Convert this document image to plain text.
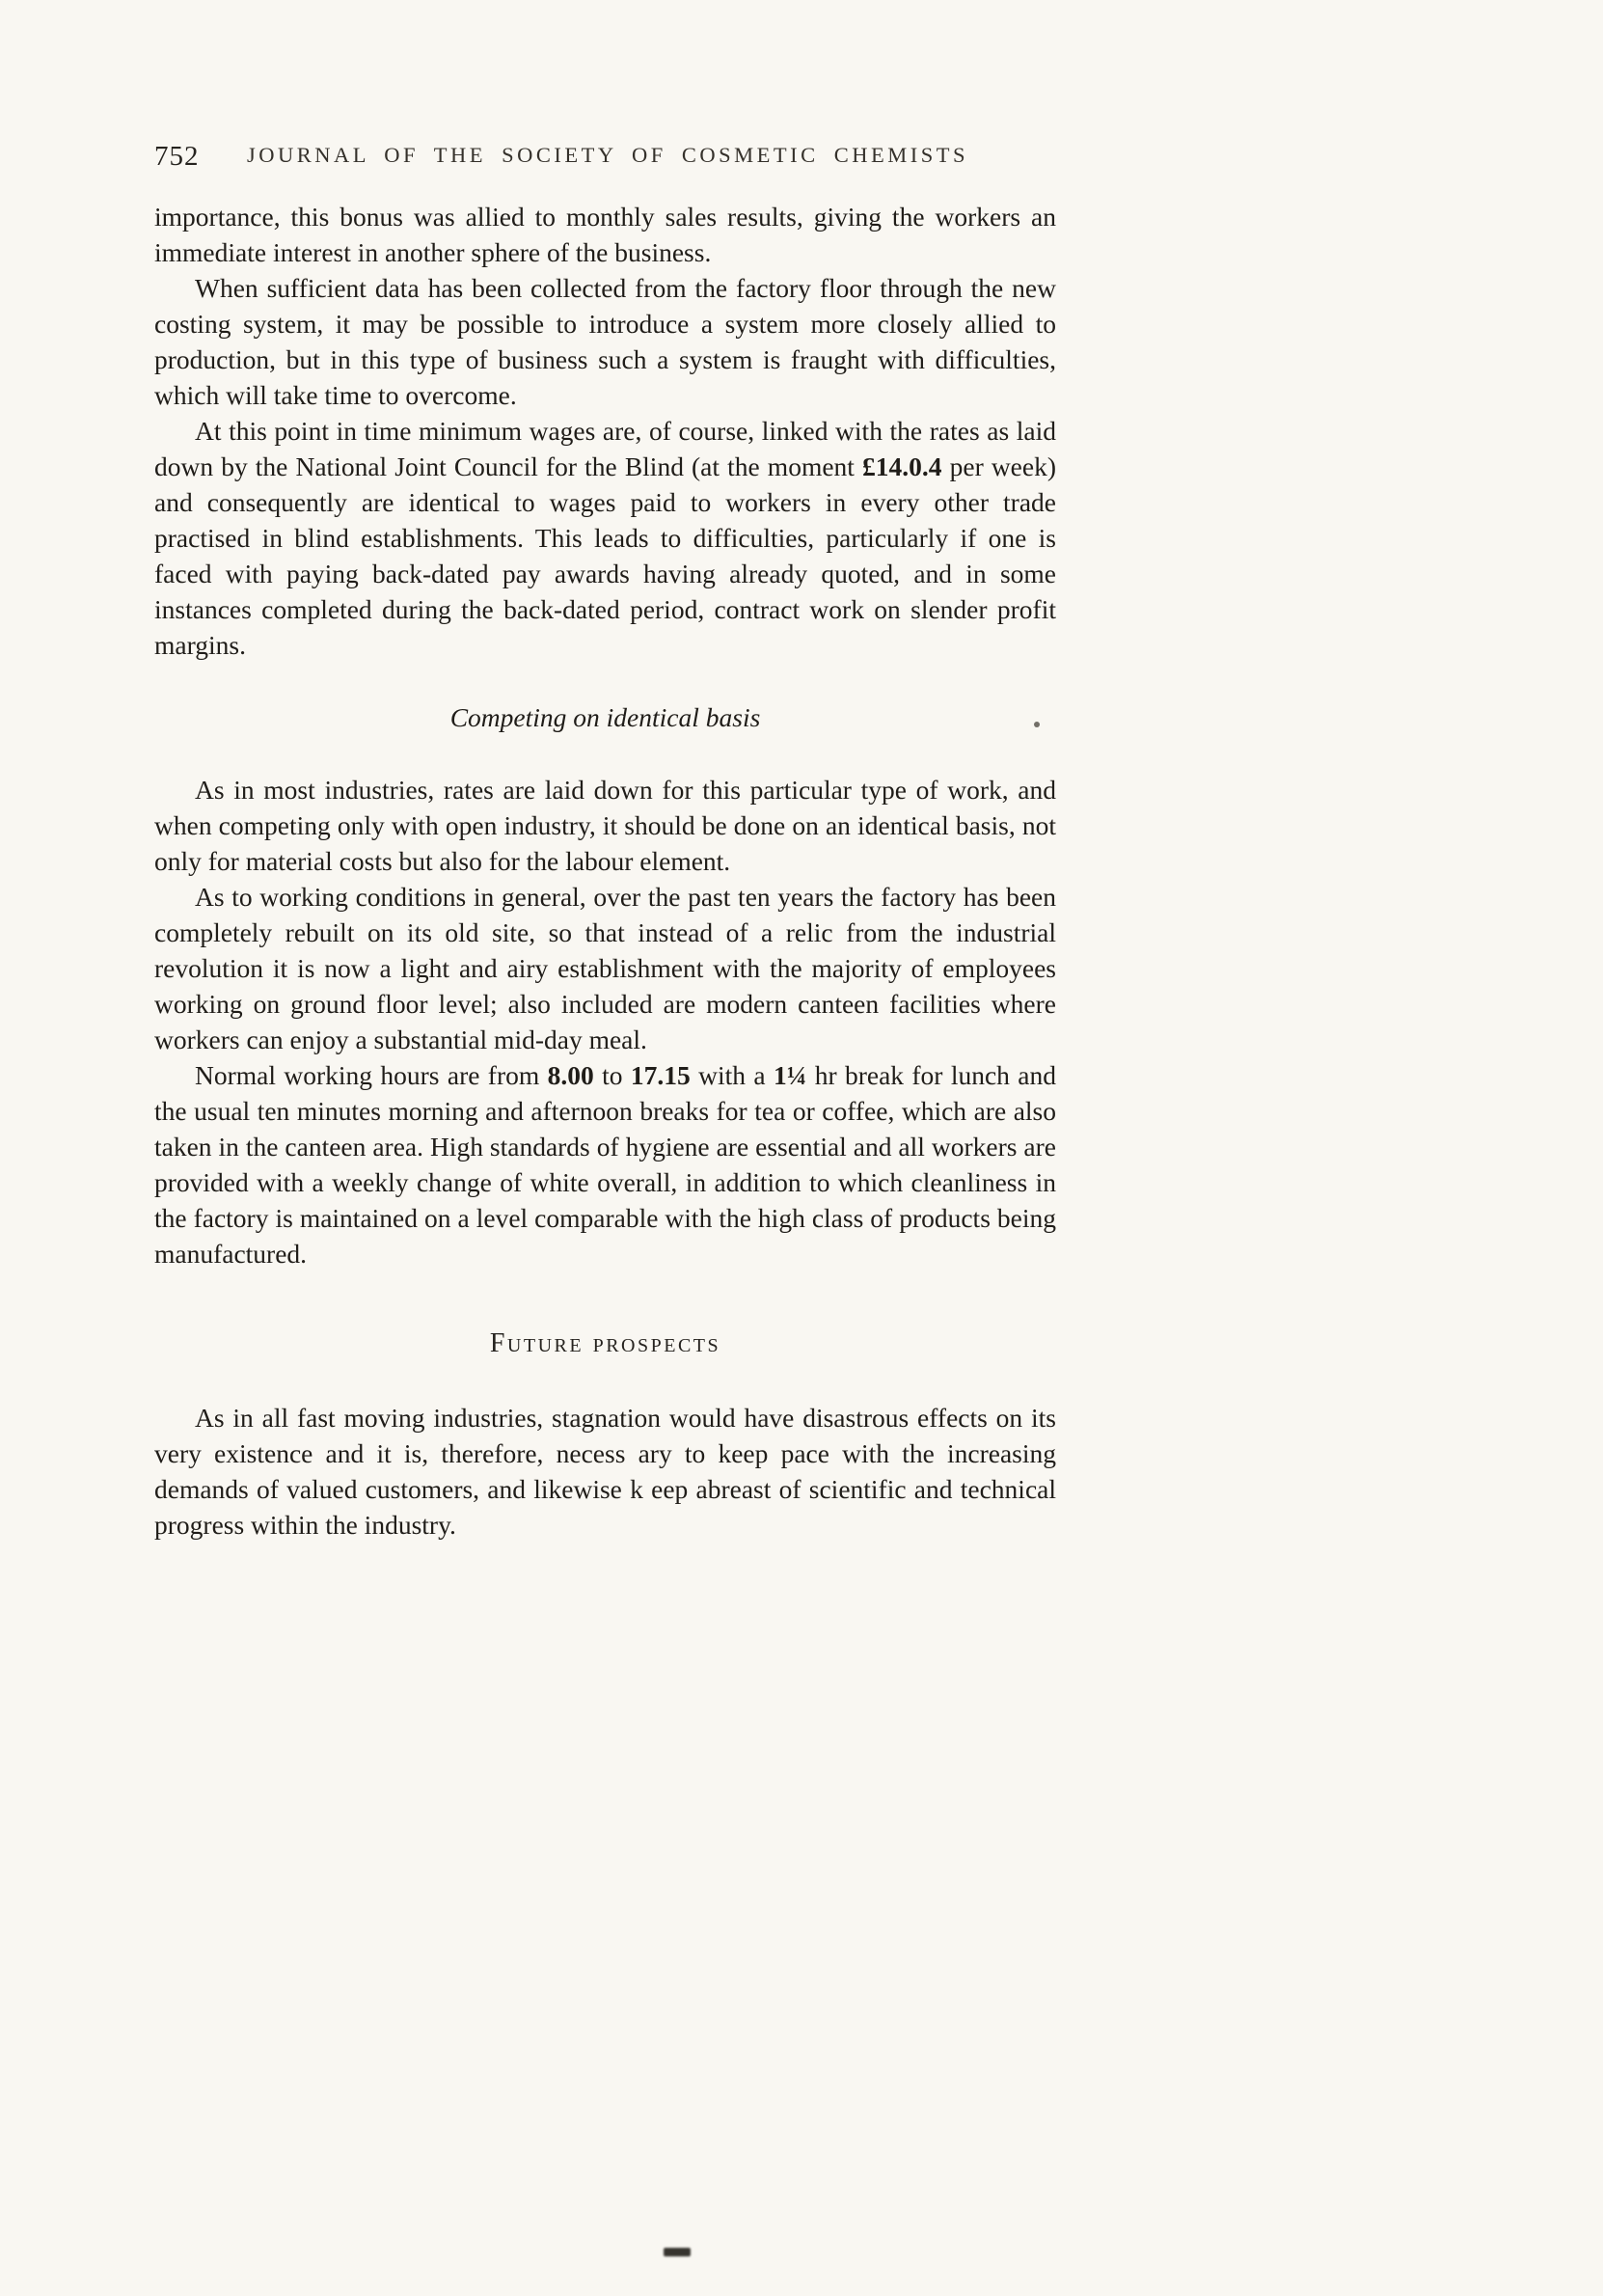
752 JOURNAL OF THE SOCIETY OF COSMETIC CHEMISTS

importance, this bonus was allied to monthly sales results, giving the workers an immediate interest in another sphere of the business.

When sufficient data has been collected from the factory floor through the new costing system, it may be possible to introduce a system more closely allied to production, but in this type of business such a system is fraught with difficulties, which will take time to overcome.

At this point in time minimum wages are, of course, linked with the rates as laid down by the National Joint Council for the Blind (at the moment £14.0.4 per week) and consequently are identical to wages paid to workers in every other trade practised in blind establishments. This leads to difficulties, particularly if one is faced with paying back-dated pay awards having already quoted, and in some instances completed during the back-dated period, contract work on slender profit margins.

Competing on identical basis

As in most industries, rates are laid down for this particular type of work, and when competing only with open industry, it should be done on an identical basis, not only for material costs but also for the labour element.

As to working conditions in general, over the past ten years the factory has been completely rebuilt on its old site, so that instead of a relic from the industrial revolution it is now a light and airy establishment with the majority of employees working on ground floor level; also included are modern canteen facilities where workers can enjoy a substantial mid-day meal.

Normal working hours are from 8.00 to 17.15 with a 1¼ hr break for lunch and the usual ten minutes morning and afternoon breaks for tea or coffee, which are also taken in the canteen area. High standards of hygiene are essential and all workers are provided with a weekly change of white overall, in addition to which cleanliness in the factory is maintained on a level comparable with the high class of products being manufactured.

Future prospects

As in all fast moving industries, stagnation would have disastrous effects on its very existence and it is, therefore, necess ary to keep pace with the increasing demands of valued customers, and likewise k eep abreast of scientific and technical progress within the industry.
